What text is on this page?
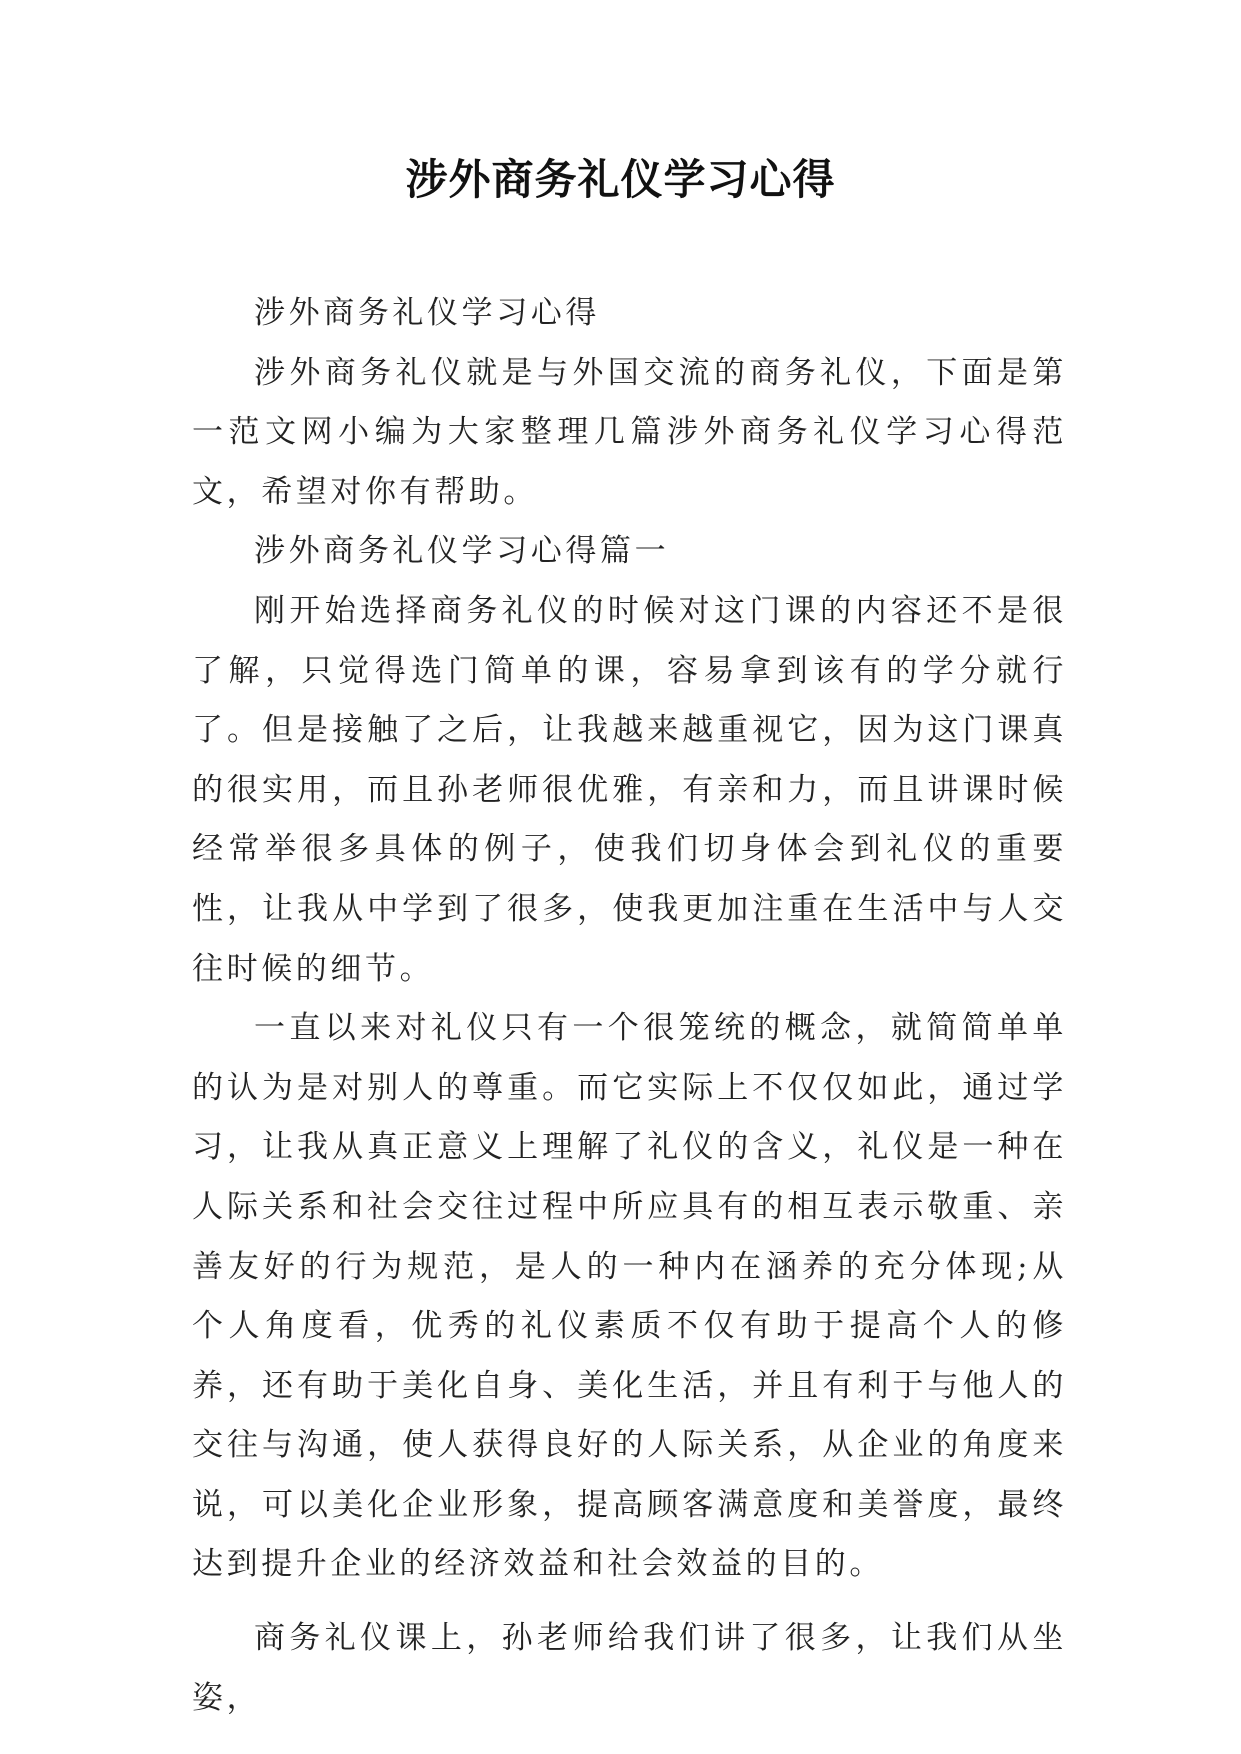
涉外商务礼仪学习心得

涉外商务礼仪学习心得

涉外商务礼仪就是与外国交流的商务礼仪，下面是第一范文网小编为大家整理几篇涉外商务礼仪学习心得范文，希望对你有帮助。

涉外商务礼仪学习心得篇一

刚开始选择商务礼仪的时候对这门课的内容还不是很了解，只觉得选门简单的课，容易拿到该有的学分就行了。但是接触了之后，让我越来越重视它，因为这门课真的很实用，而且孙老师很优雅，有亲和力，而且讲课时候经常举很多具体的例子，使我们切身体会到礼仪的重要性，让我从中学到了很多，使我更加注重在生活中与人交往时候的细节。

一直以来对礼仪只有一个很笼统的概念，就简简单单的认为是对别人的尊重。而它实际上不仅仅如此，通过学习，让我从真正意义上理解了礼仪的含义，礼仪是一种在人际关系和社会交往过程中所应具有的相互表示敬重、亲善友好的行为规范，是人的一种内在涵养的充分体现;从个人角度看，优秀的礼仪素质不仅有助于提高个人的修养，还有助于美化自身、美化生活，并且有利于与他人的交往与沟通，使人获得良好的人际关系，从企业的角度来说，可以美化企业形象，提高顾客满意度和美誉度，最终达到提升企业的经济效益和社会效益的目的。

商务礼仪课上，孙老师给我们讲了很多，让我们从坐姿，
